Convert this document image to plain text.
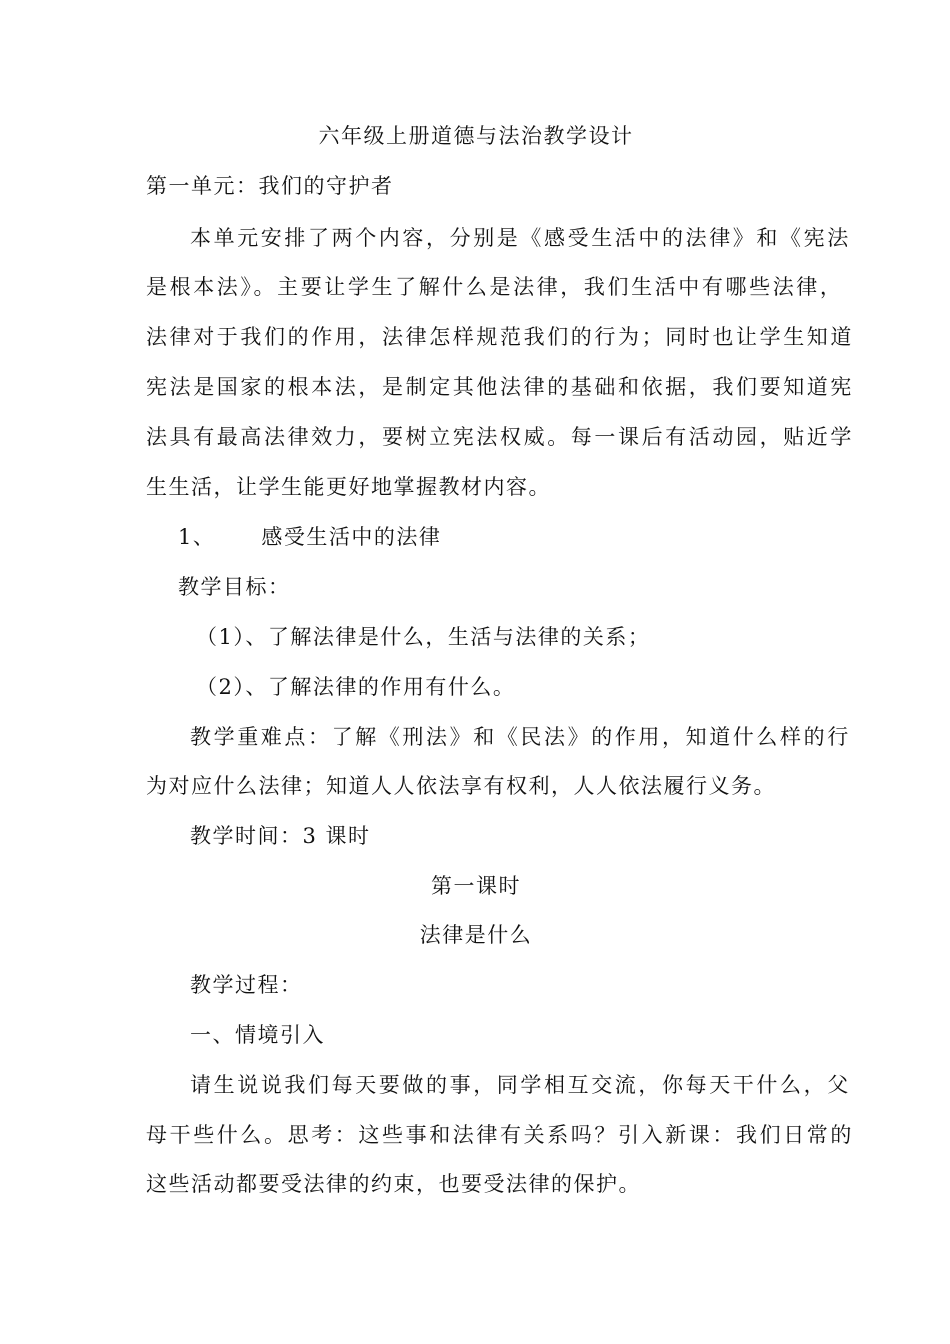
六年级上册道德与法治教学设计
第一单元：我们的守护者
本单元安排了两个内容，分别是《感受生活中的法律》和《宪法
是根本法》。主要让学生了解什么是法律，我们生活中有哪些法律，
法律对于我们的作用，法律怎样规范我们的行为；同时也让学生知道
宪法是国家的根本法，是制定其他法律的基础和依据，我们要知道宪
法具有最高法律效力，要树立宪法权威。每一课后有活动园，贴近学
生生活，让学生能更好地掌握教材内容。
1、 感受生活中的法律
教学目标：
（1）、了解法律是什么，生活与法律的关系；
（2）、了解法律的作用有什么。
教学重难点：了解《刑法》和《民法》的作用，知道什么样的行
为对应什么法律；知道人人依法享有权利，人人依法履行义务。
教学时间：3 课时
第一课时
法律是什么
教学过程：
一、情境引入
请生说说我们每天要做的事，同学相互交流，你每天干什么，父
母干些什么。思考：这些事和法律有关系吗？引入新课：我们日常的
这些活动都要受法律的约束，也要受法律的保护。
